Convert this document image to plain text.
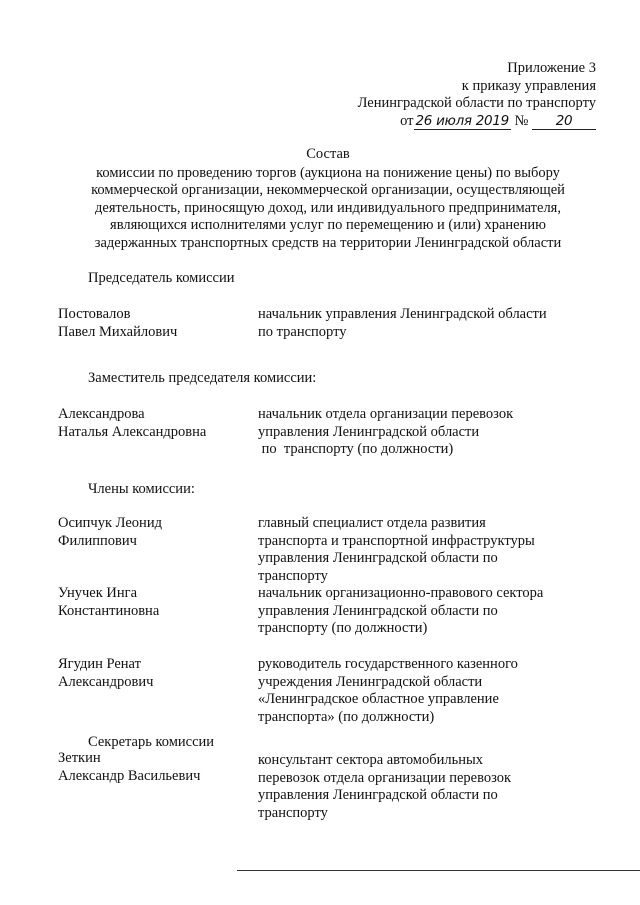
Приложение 3
к приказу управления
Ленинградской области по транспорту
от 26 июля 2019 № 20
Состав
комиссии по проведению торгов (аукциона на понижение цены) по выбору
коммерческой организации, некоммерческой организации, осуществляющей
деятельность, приносящую доход, или индивидуального предпринимателя,
являющихся исполнителями услуг по перемещению и (или) хранению
задержанных транспортных средств на территории Ленинградской области
Председатель комиссии
Постовалов
Павел Михайлович
начальник управления Ленинградской области
по транспорту
Заместитель председателя комиссии:
Александрова
Наталья Александровна
начальник отдела организации перевозок
управления Ленинградской области
по  транспорту (по должности)
Члены комиссии:
Осипчук Леонид
Филиппович
главный специалист отдела развития
транспорта и транспортной инфраструктуры
управления Ленинградской области по
транспорту
Унучек Инга
Константиновна
начальник организационно-правового сектора
управления Ленинградской области по
транспорту (по должности)
Ягудин Ренат
Александрович
руководитель государственного казенного
учреждения Ленинградской области
«Ленинградское областное управление
транспорта» (по должности)
Секретарь комиссии
Зеткин
Александр Васильевич
консультант сектора автомобильных
перевозок отдела организации перевозок
управления Ленинградской области по
транспорту
